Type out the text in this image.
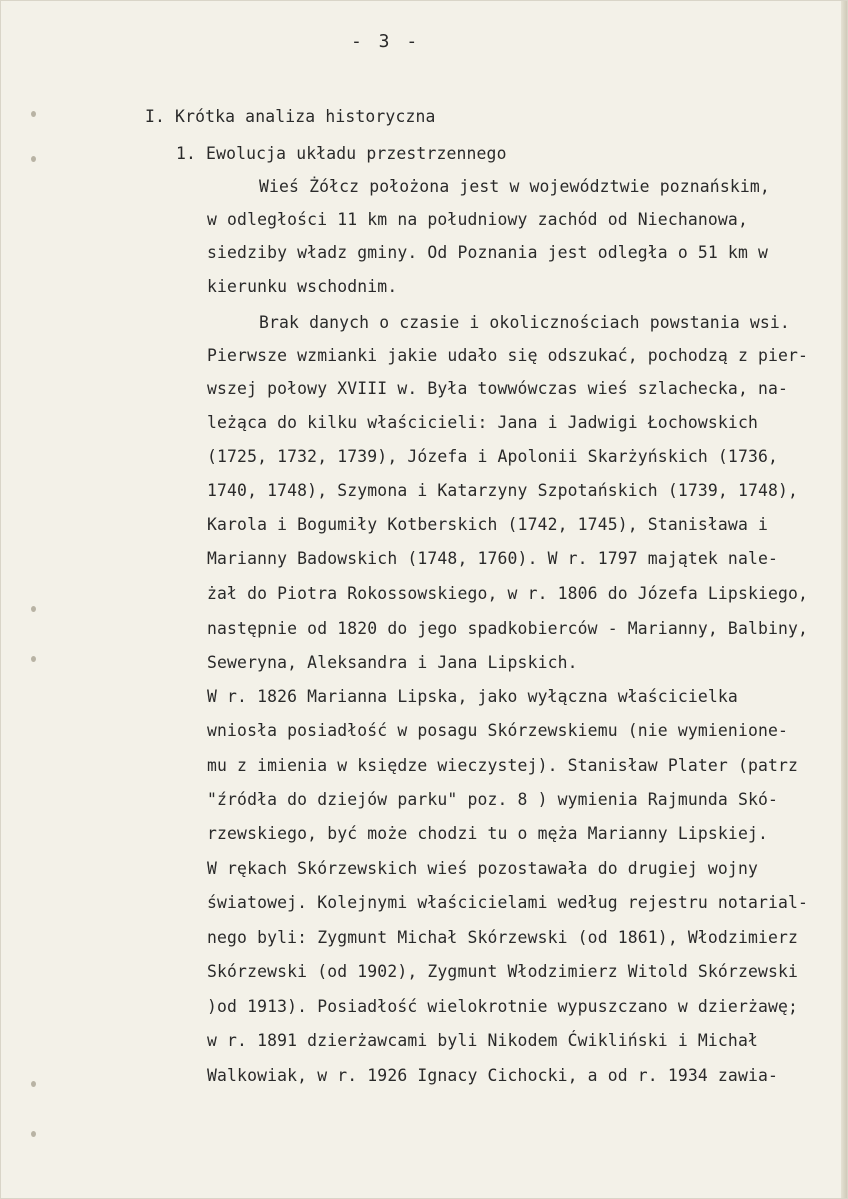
- 3 -

I. Krótka analiza historyczna

1. Ewolucja układu przestrzennego

Wieś Żółcz położona jest w województwie poznańskim,

w odległości 11 km na południowy zachód od Niechanowa,

siedziby władz gminy. Od Poznania jest odległa o 51 km w

kierunku wschodnim.

Brak danych o czasie i okolicznościach powstania wsi.

Pierwsze wzmianki jakie udało się odszukać, pochodzą z pier-

wszej połowy XVIII w. Była towwówczas wieś szlachecka, na-

leżąca do kilku właścicieli: Jana i Jadwigi Łochowskich

(1725, 1732, 1739), Józefa i Apolonii Skarżyńskich (1736,

1740, 1748), Szymona i Katarzyny Szpotańskich (1739, 1748),

Karola i Bogumiły Kotberskich (1742, 1745), Stanisława i

Marianny Badowskich (1748, 1760). W r. 1797 majątek nale-

żał do Piotra Rokossowskiego, w r. 1806 do Józefa Lipskiego,

następnie od 1820 do jego spadkobierców - Marianny, Balbiny,

Seweryna, Aleksandra i Jana Lipskich.

W r. 1826 Marianna Lipska, jako wyłączna właścicielka

wniosła posiadłość w posagu Skórzewskiemu (nie wymienione-

mu z imienia w księdze wieczystej). Stanisław Plater (patrz

"źródła do dziejów parku" poz. 8 ) wymienia Rajmunda Skó-

rzewskiego, być może chodzi tu o męża Marianny Lipskiej.

W rękach Skórzewskich wieś pozostawała do drugiej wojny

światowej. Kolejnymi właścicielami według rejestru notarial-

nego byli: Zygmunt Michał Skórzewski (od 1861), Włodzimierz

Skórzewski (od 1902), Zygmunt Włodzimierz Witold Skórzewski

)od 1913). Posiadłość wielokrotnie wypuszczano w dzierżawę;

w r. 1891 dzierżawcami byli Nikodem Ćwikliński i Michał

Walkowiak, w r. 1926 Ignacy Cichocki, a od r. 1934 zawia-
